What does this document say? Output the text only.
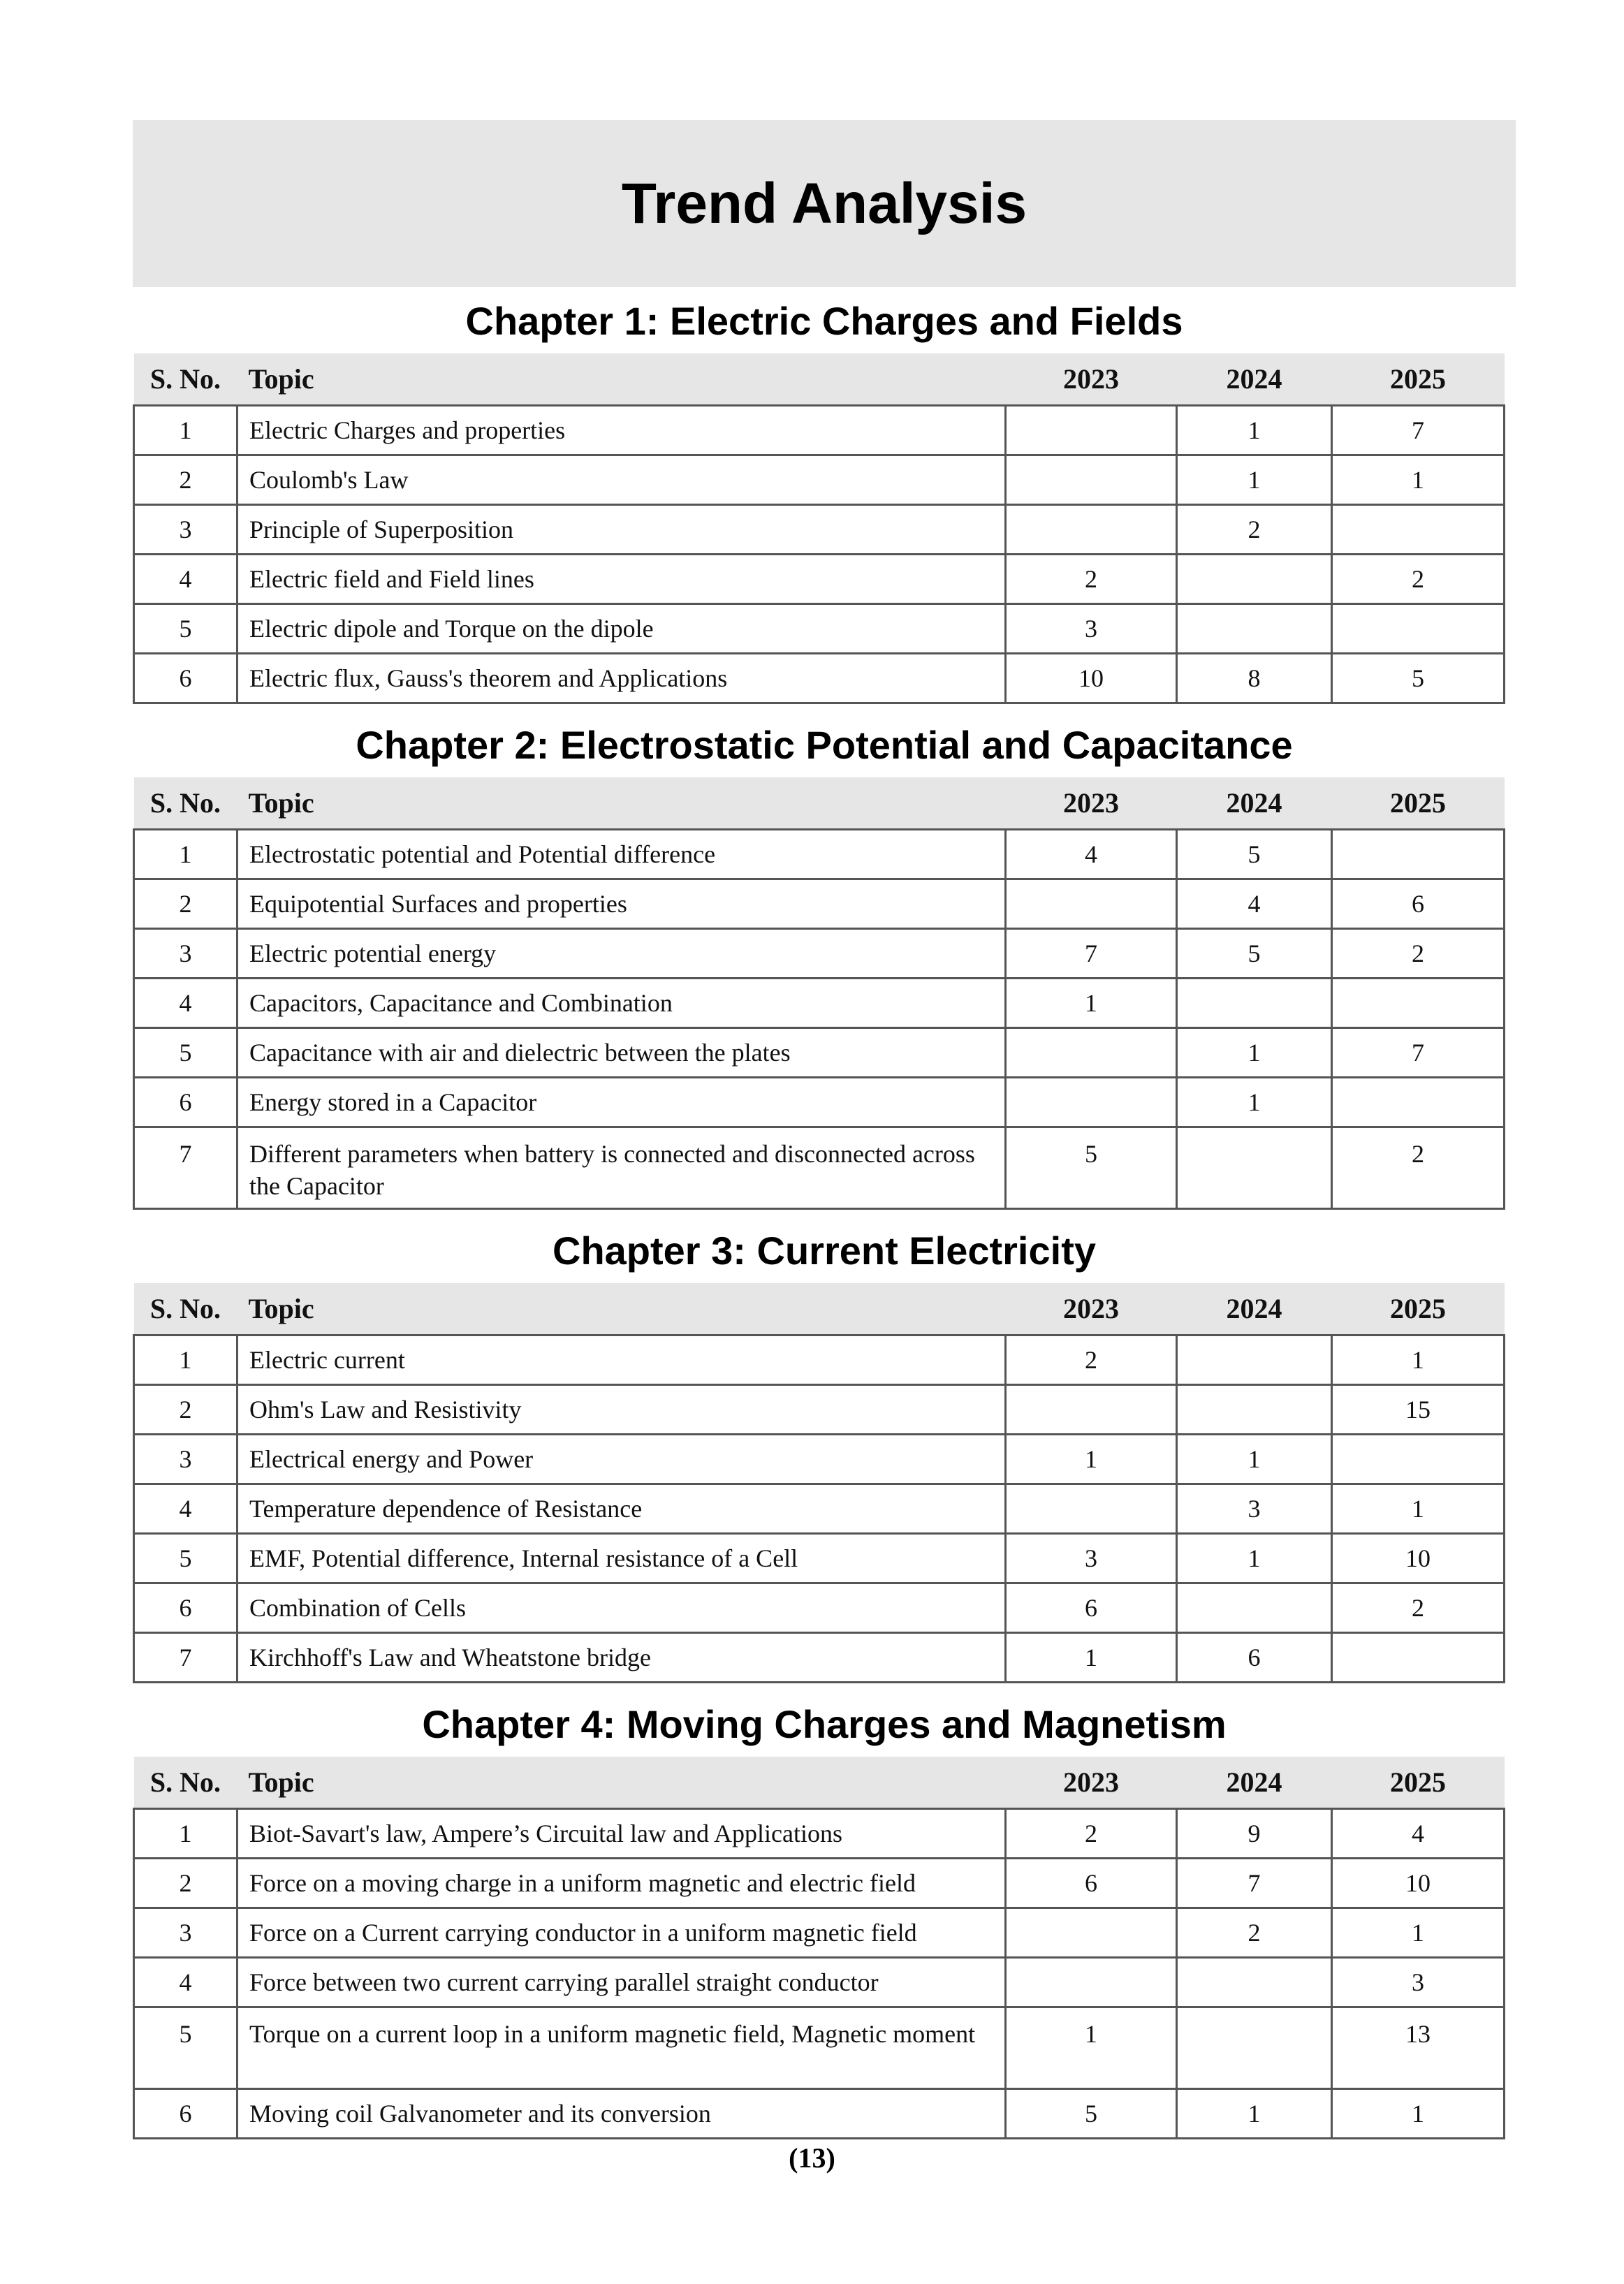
Trend Analysis
Chapter 1: Electric Charges and Fields
S. No.	Topic	2023	2024	2025
1	Electric Charges and properties		1	7
2	Coulomb's Law		1	1
3	Principle of Superposition		2	
4	Electric field and Field lines	2		2
5	Electric dipole and Torque on the dipole	3		
6	Electric flux, Gauss's theorem and Applications	10	8	5
Chapter 2: Electrostatic Potential and Capacitance
S. No.	Topic	2023	2024	2025
1	Electrostatic potential and Potential difference	4	5	
2	Equipotential Surfaces and properties		4	6
3	Electric potential energy	7	5	2
4	Capacitors, Capacitance and Combination	1		
5	Capacitance with air and dielectric between the plates		1	7
6	Energy stored in a Capacitor		1	
7	Different parameters when battery is connected and disconnected across the Capacitor	5		2
Chapter 3: Current Electricity
S. No.	Topic	2023	2024	2025
1	Electric current	2		1
2	Ohm's Law and Resistivity			15
3	Electrical energy and Power	1	1	
4	Temperature dependence of Resistance		3	1
5	EMF, Potential difference, Internal resistance of a Cell	3	1	10
6	Combination of Cells	6		2
7	Kirchhoff's Law and Wheatstone bridge	1	6	
Chapter 4: Moving Charges and Magnetism
S. No.	Topic	2023	2024	2025
1	Biot-Savart's law, Ampere’s Circuital law and Applications	2	9	4
2	Force on a moving charge in a uniform magnetic and electric field	6	7	10
3	Force on a Current carrying conductor in a uniform magnetic field		2	1
4	Force between two current carrying parallel straight conductor			3
5	Torque on a current loop in a uniform magnetic field, Magnetic moment	1		13
6	Moving coil Galvanometer and its conversion	5	1	1
(13)
